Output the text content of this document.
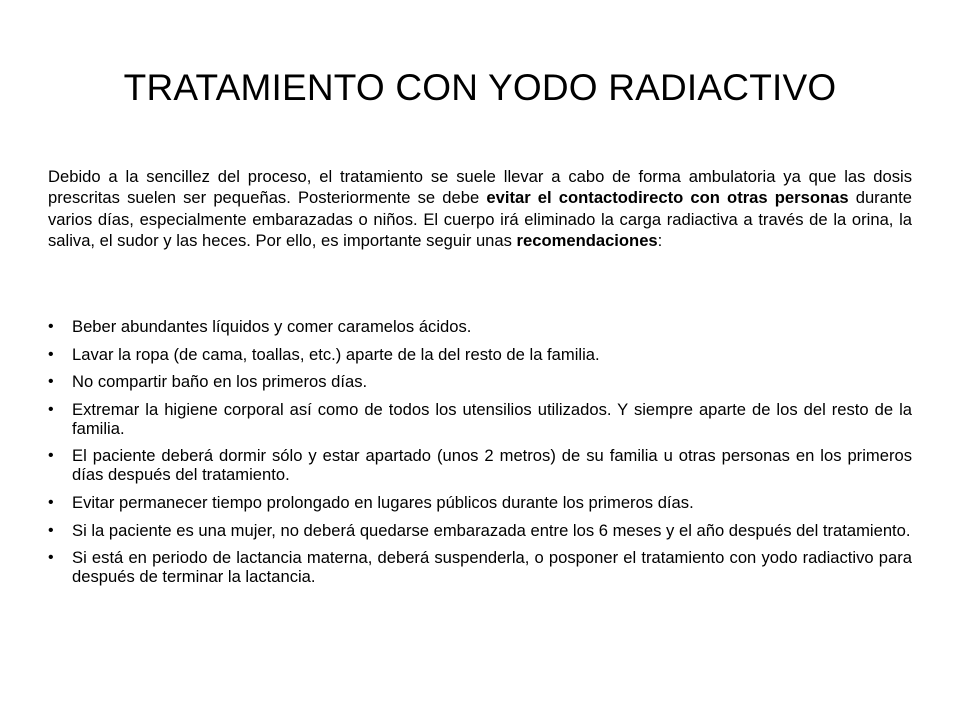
TRATAMIENTO CON YODO RADIACTIVO

Debido a la sencillez del proceso, el tratamiento se suele llevar a cabo de forma ambulatoria ya que las dosis prescritas suelen ser pequeñas. Posteriormente se debe evitar el contactodirecto con otras personas durante varios días, especialmente embarazadas o niños. El cuerpo irá eliminado la carga radiactiva a través de la orina, la saliva, el sudor y las heces. Por ello, es importante seguir unas recomendaciones:

•	Beber abundantes líquidos y comer caramelos ácidos.
•	Lavar la ropa (de cama, toallas, etc.) aparte de la del resto de la familia.
•	No compartir baño en los primeros días.
•	Extremar la higiene corporal así como de todos los utensilios utilizados. Y siempre aparte de los del resto de la familia.
•	El paciente deberá dormir sólo y estar apartado (unos 2 metros) de su familia u otras personas en los primeros días después del tratamiento.
•	Evitar permanecer tiempo prolongado en lugares públicos durante los primeros días.
•	Si la paciente es una mujer, no deberá quedarse embarazada entre los 6 meses y el año después del tratamiento.
•	Si está en periodo de lactancia materna, deberá suspenderla, o posponer el tratamiento con yodo radiactivo para después de terminar la lactancia.
